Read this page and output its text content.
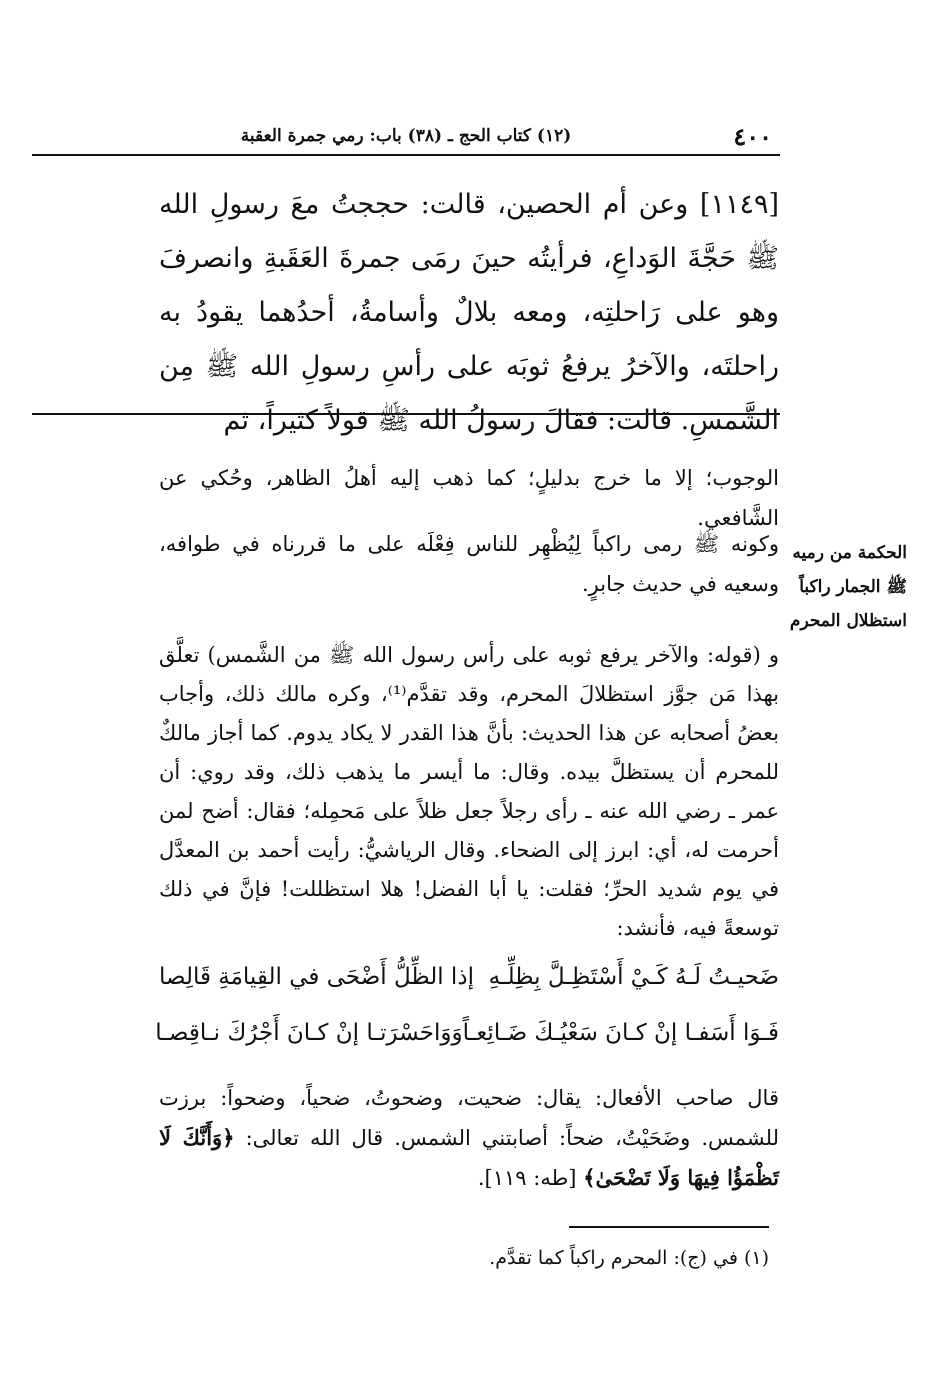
٤٠٠
(١٢) كتاب الحج ـ (٣٨) باب: رمي جمرة العقبة

[١١٤٩] وعن أم الحصين، قالت: حججتُ معَ رسولِ الله ﷺ حَجَّةَ الوَداعِ، فرأيتُه حينَ رمَى جمرةَ العَقَبةِ وانصرفَ وهو على رَاحلتِه، ومعه بلالٌ وأسامةُ، أحدُهما يقودُ به راحلتَه، والآخرُ يرفعُ ثوبَه على رأسِ رسولِ الله ﷺ مِن الشَّمسِ. قالت: فقالَ رسولُ الله ﷺ قولاً كثيراً، ثم

الوجوب؛ إلا ما خرج بدليلٍ؛ كما ذهب إليه أهلُ الظاهر، وحُكي عن الشَّافعي.

وكونه ﷺ رمى راكباً لِيُظْهِر للناس فِعْلَه على ما قررناه في طوافه، وسعيه في حديث جابرٍ.

و (قوله: والآخر يرفع ثوبه على رأس رسول الله ﷺ من الشَّمس) تعلَّق بهذا مَن جوَّز استظلالَ المحرم، وقد تقدَّم⁽¹⁾، وكره مالك ذلك، وأجاب بعضُ أصحابه عن هذا الحديث: بأنَّ هذا القدر لا يكاد يدوم. كما أجاز مالكٌ للمحرم أن يستظلَّ بيده. وقال: ما أيسر ما يذهب ذلك، وقد روي: أن عمر ـ رضي الله عنه ـ رأى رجلاً جعل ظلاً على مَحمِله؛ فقال: أضح لمن أحرمت له، أي: ابرز إلى الضحاء. وقال الرياشيُّ: رأيت أحمد بن المعدَّل في يوم شديد الحرِّ؛ فقلت: يا أبا الفضل! هلا استظللت! فإنَّ في ذلك توسعةً فيه، فأنشد:

ضَحيـتُ لَـهُ كَـيْ أَسْتَظِـلَّ بِظِلِّـهِ
إذا الظِّلُّ أَضْحَى في القِيامَةِ قَالِصا
فَـوَا أَسَفـا إنْ كـانَ سَعْيُـكَ ضَـائِعـاً
وَوَاحَسْرَتـا إنْ كـانَ أَجْرُكَ نـاقِصـا

قال صاحب الأفعال: يقال: ضحيت، وضحوتُ، ضحياً، وضحواً: برزت للشمس. وضَحَيْتُ، ضحاً: أصابتني الشمس. قال الله تعالى: ﴿وَأَنَّكَ لَا تَظْمَؤُا فِيهَا وَلَا تَضْحَىٰ﴾ [طه: ١١٩].

الحكمة من رميه ﷺ الجمار راكباً استظلال المحرم
(١) في (ج): المحرم راكباً كما تقدَّم.
